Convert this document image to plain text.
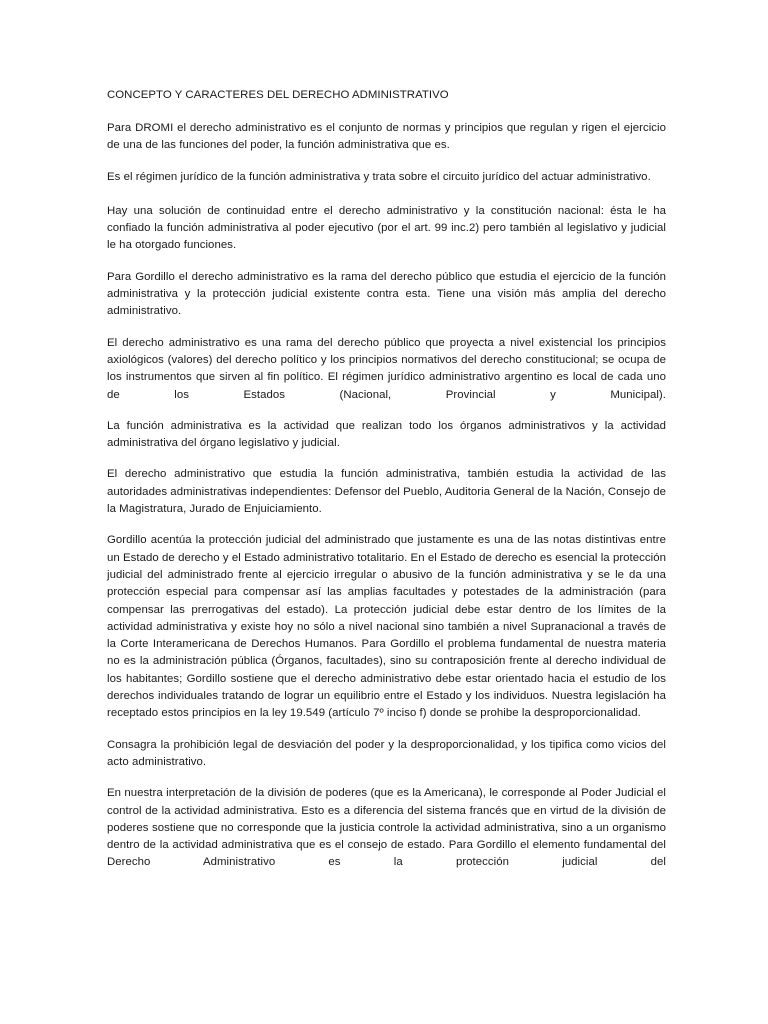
CONCEPTO Y CARACTERES DEL DERECHO ADMINISTRATIVO

Para DROMI el derecho administrativo es el conjunto de normas y principios que regulan y rigen el ejercicio de una de las funciones del poder, la función administrativa que es.

Es el régimen jurídico de la función administrativa y trata sobre el circuito jurídico del actuar administrativo.

Hay una solución de continuidad entre el derecho administrativo y la constitución nacional: ésta le ha confiado la función administrativa al poder ejecutivo (por el art. 99 inc.2) pero también al legislativo y judicial le ha otorgado funciones.

Para Gordillo el derecho administrativo es la rama del derecho público que estudia el ejercicio de la función administrativa y la protección judicial existente contra esta. Tiene una visión más amplia del derecho administrativo.

El derecho administrativo es una rama del derecho público que proyecta a nivel existencial los principios axiológicos (valores) del derecho político y los principios normativos del derecho constitucional; se ocupa de los instrumentos que sirven al fin político. El régimen jurídico administrativo argentino es local de cada uno de los Estados (Nacional, Provincial y Municipal).

La función administrativa es la actividad que realizan todo los órganos administrativos y la actividad administrativa del órgano legislativo y judicial.

El derecho administrativo que estudia la función administrativa, también estudia la actividad de las autoridades administrativas independientes: Defensor del Pueblo, Auditoria General de la Nación, Consejo de la Magistratura, Jurado de Enjuiciamiento.

Gordillo acentúa la protección judicial del administrado que justamente es una de las notas distintivas entre un Estado de derecho y el Estado administrativo totalitario. En el Estado de derecho es esencial la protección judicial del administrado frente al ejercicio irregular o abusivo de la función administrativa y se le da una protección especial para compensar así las amplias facultades y potestades de la administración (para compensar las prerrogativas del estado). La protección judicial debe estar dentro de los límites de la actividad administrativa y existe hoy no sólo a nivel nacional sino también a nivel Supranacional a través de la Corte Interamericana de Derechos Humanos. Para Gordillo el problema fundamental de nuestra materia no es la administración pública (Órganos, facultades), sino su contraposición frente al derecho individual de los habitantes; Gordillo sostiene que el derecho administrativo debe estar orientado hacia el estudio de los derechos individuales tratando de lograr un equilibrio entre el Estado y los individuos. Nuestra legislación ha receptado estos principios en la ley 19.549 (artículo 7º inciso f) donde se prohibe la desproporcionalidad.

Consagra la prohibición legal de desviación del poder y la desproporcionalidad, y los tipifica como vicios del acto administrativo.

En nuestra interpretación de la división de poderes (que es la Americana), le corresponde al Poder Judicial el control de la actividad administrativa. Esto es a diferencia del sistema francés que en virtud de la división de poderes sostiene que no corresponde que la justicia controle la actividad administrativa, sino a un organismo dentro de la actividad administrativa que es el consejo de estado. Para Gordillo el elemento fundamental del Derecho Administrativo es la protección judicial del
